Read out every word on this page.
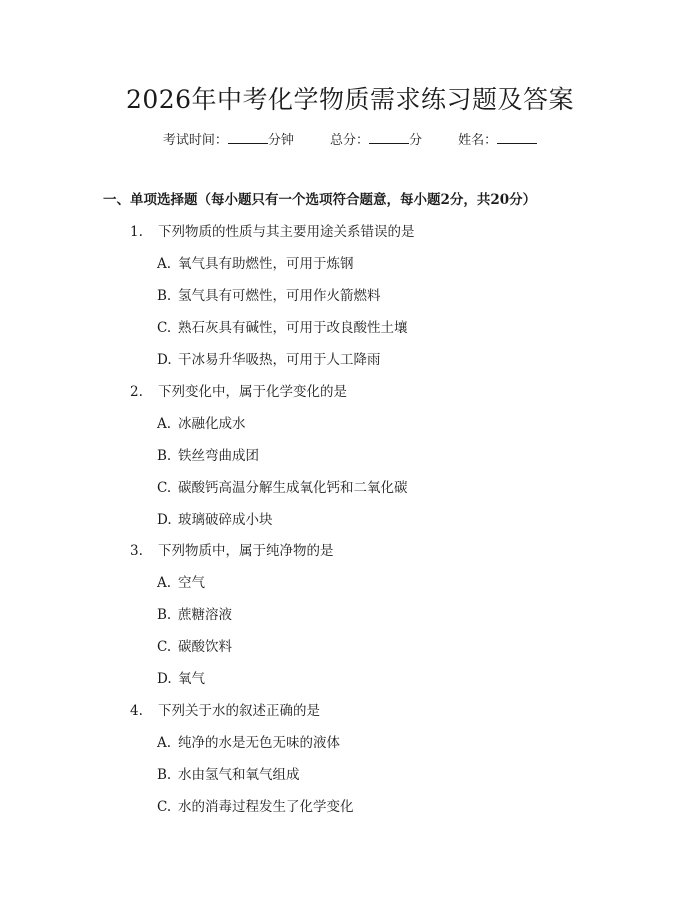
2026年中考化学物质需求练习题及答案
考试时间：	分钟	总分：	分	姓名：
一、单项选择题（每小题只有一个选项符合题意，每小题2分，共20分）
1. 下列物质的性质与其主要用途关系错误的是
A. 氧气具有助燃性，可用于炼钢
B. 氢气具有可燃性，可用作火箭燃料
C. 熟石灰具有碱性，可用于改良酸性土壤
D. 干冰易升华吸热，可用于人工降雨
2. 下列变化中，属于化学变化的是
A. 冰融化成水
B. 铁丝弯曲成团
C. 碳酸钙高温分解生成氧化钙和二氧化碳
D. 玻璃破碎成小块
3. 下列物质中，属于纯净物的是
A. 空气
B. 蔗糖溶液
C. 碳酸饮料
D. 氧气
4. 下列关于水的叙述正确的是
A. 纯净的水是无色无味的液体
B. 水由氢气和氧气组成
C. 水的消毒过程发生了化学变化
